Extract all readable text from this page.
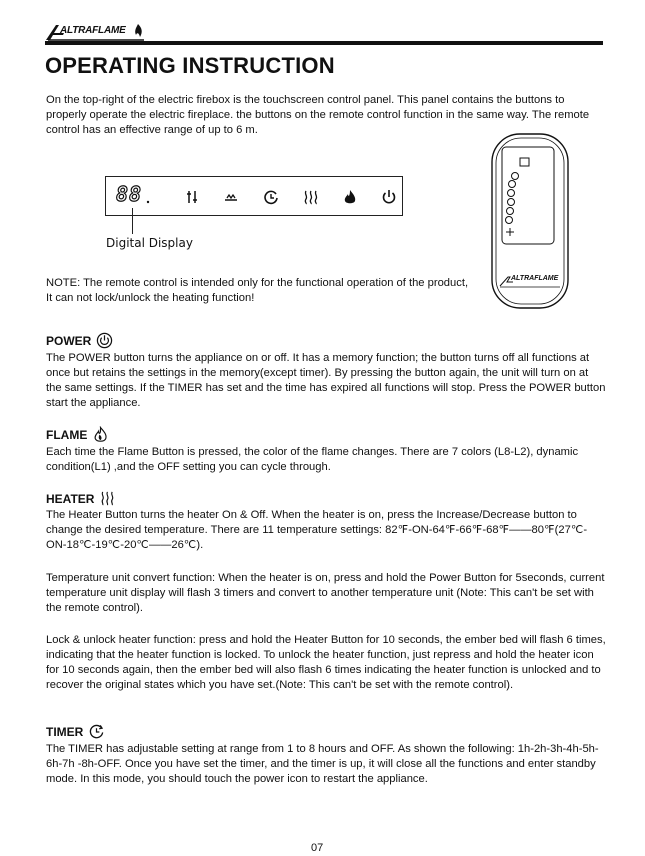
ALTRAFLAME
OPERATING INSTRUCTION
On the top-right of the electric firebox is the touchscreen control panel. This panel contains the buttons to properly operate the electric fireplace. the buttons on the remote control function in the same way. The remote control has an effective range of up to 6 m.
88
Digital Display
NOTE: The remote control is intended only for the functional operation of the product, It can not lock/unlock the heating function!
ALTRAFLAME
POWER
The POWER button turns the appliance on or off. It has a memory function; the button turns off all functions at once but retains the settings in the memory(except timer). By pressing the button again, the unit will turn on at the same settings. If the TIMER has set and the time has expired all functions will stop. Press the POWER button start the appliance.
FLAME
Each time the Flame Button is pressed, the color of the flame changes. There are 7 colors (L8-L2), dynamic condition(L1) ,and the OFF setting you can cycle through.
HEATER
The Heater Button turns the heater On & Off. When the heater is on, press the Increase/Decrease button to change the desired temperature. There are 11 temperature settings: 82℉-ON-64℉-66℉-68℉——80℉(27℃-ON-18℃-19℃-20℃——26℃).
Temperature unit convert function: When the heater is on, press and hold the Power Button for 5seconds, current temperature unit display will flash 3 timers and convert to another temperature unit (Note: This can't be set with the remote control).
Lock & unlock heater function: press and hold the Heater Button for 10 seconds, the ember bed will flash 6 times, indicating that the heater function is locked. To unlock the heater function, just repress and hold the heater icon for 10 seconds again, then the ember bed will also flash 6 times indicating the heater function is unlocked and to recover the original states which you have set.(Note: This can't be set with the remote control).
TIMER
The TIMER has adjustable setting at range from 1 to 8 hours and OFF. As shown the following: 1h-2h-3h-4h-5h-6h-7h -8h-OFF. Once you have set the timer, and the timer is up, it will close all the functions and enter standby mode. In this mode, you should touch the power icon to restart the appliance.
07
